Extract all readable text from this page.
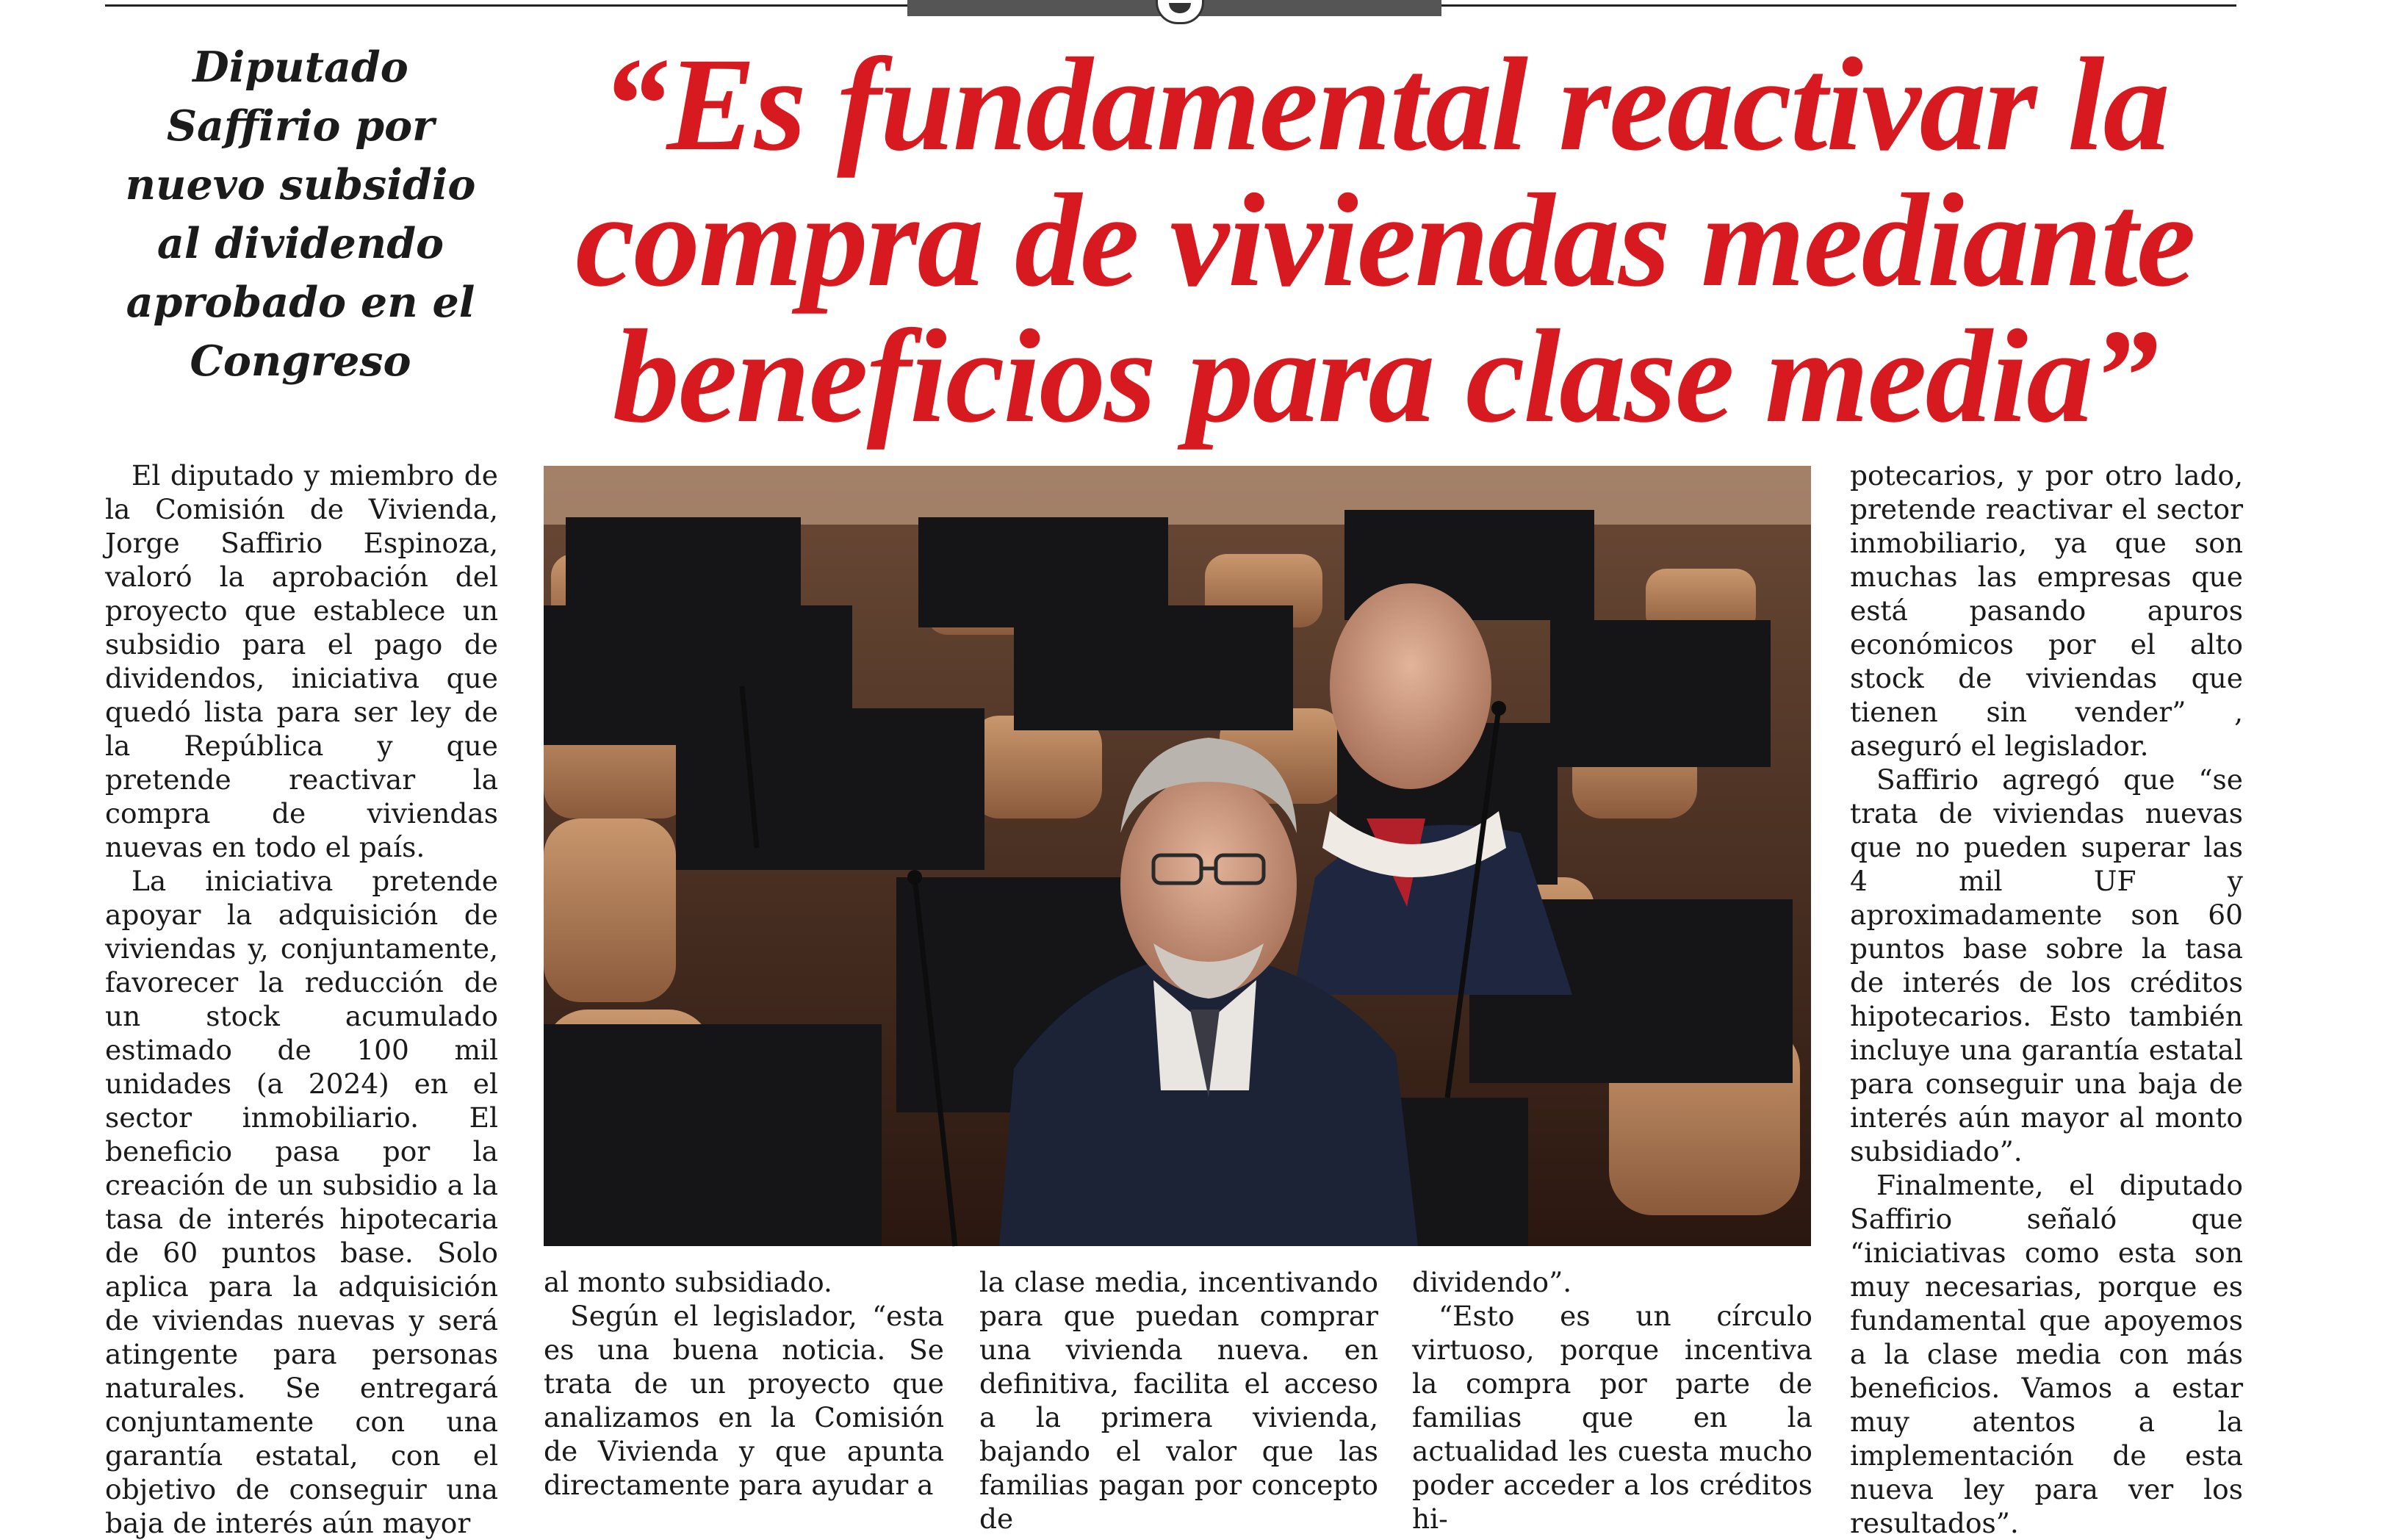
Diputado Saffirio por nuevo subsidio al dividendo aprobado en el Congreso
“Es fundamental reactivar la compra de viviendas mediante beneficios para clase media”

El diputado y miembro de la Comisión de Vivienda, Jorge Saffirio Espinoza, valoró la aprobación del proyecto que establece un subsidio para el pago de dividendos, iniciativa que quedó lista para ser ley de la República y que pretende reactivar la compra de viviendas nuevas en todo el país.

La iniciativa pretende apoyar la adquisición de viviendas y, conjuntamente, favorecer la reducción de un stock acumulado estimado de 100 mil unidades (a 2024) en el sector inmobiliario. El beneficio pasa por la creación de un subsidio a la tasa de interés hipotecaria de 60 puntos base. Solo aplica para la adquisición de viviendas nuevas y será atingente para personas naturales. Se entregará conjuntamente con una garantía estatal, con el objetivo de conseguir una baja de interés aún mayor

al monto subsidiado.

Según el legislador, “esta es una buena noticia. Se trata de un proyecto que analizamos en la Comisión de Vivienda y que apunta directamente para ayudar a

la clase media, incentivando para que puedan comprar una vivienda nueva. en definitiva, facilita el acceso a la primera vivienda, bajando el valor que las familias pagan por concepto de

dividendo”.

“Esto es un círculo virtuoso, porque incentiva la compra por parte de familias que en la actualidad les cuesta mucho poder acceder a los créditos hi-

potecarios, y por otro lado, pretende reactivar el sector inmobiliario, ya que son muchas las empresas que está pasando apuros económicos por el alto stock de viviendas que tienen sin vender” , aseguró el legislador.

Saffirio agregó que “se trata de viviendas nuevas que no pueden superar las 4 mil UF y aproximadamente son 60 puntos base sobre la tasa de interés de los créditos hipotecarios. Esto también incluye una garantía estatal para conseguir una baja de interés aún mayor al monto subsidiado”.

Finalmente, el diputado Saffirio señaló que “iniciativas como esta son muy necesarias, porque es fundamental que apoyemos a la clase media con más beneficios. Vamos a estar muy atentos a la implementación de esta nueva ley para ver los resultados”.
